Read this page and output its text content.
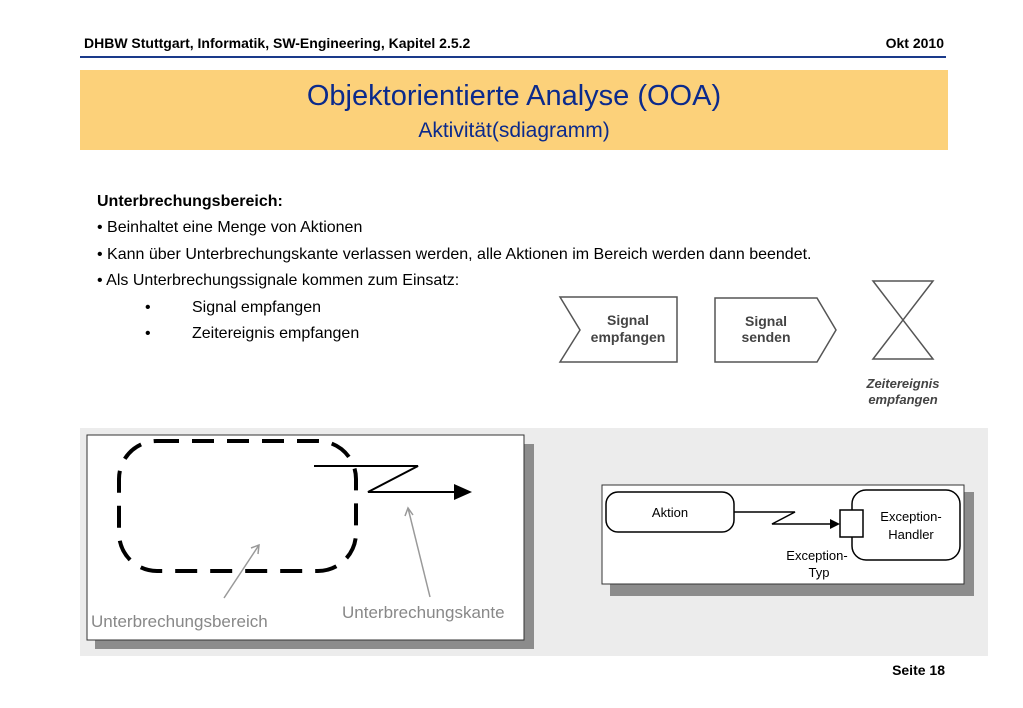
DHBW Stuttgart, Informatik, SW-Engineering, Kapitel 2.5.2	Okt 2010
Objektorientierte Analyse (OOA)
Aktivität(sdiagramm)
Unterbrechungsbereich:
• Beinhaltet eine Menge von Aktionen
• Kann über Unterbrechungskante verlassen werden, alle Aktionen im Bereich werden dann beendet.
• Als Unterbrechungssignale kommen zum Einsatz:
•	Signal empfangen
•	Zeitereignis empfangen
Signal
empfangen
Signal
senden
Zeitereignis
empfangen
Unterbrechungsbereich	Unterbrechungskante
Aktion	Exception-
Handler
Exception-
Typ
Seite 18
